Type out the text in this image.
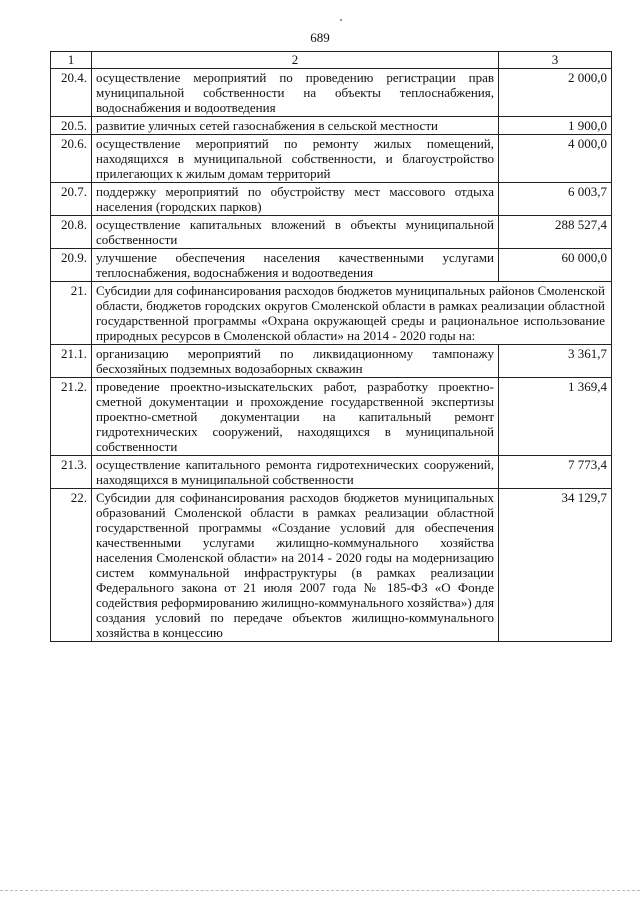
689
1	2	3
20.4.	осуществление мероприятий по проведению регистрации прав муниципальной собственности на объекты теплоснабжения, водоснабжения и водоотведения	2 000,0
20.5.	развитие уличных сетей газоснабжения в сельской местности	1 900,0
20.6.	осуществление мероприятий по ремонту жилых помещений, находящихся в муниципальной собственности, и благоустройство прилегающих к жилым домам территорий	4 000,0
20.7.	поддержку мероприятий по обустройству мест массового отдыха населения (городских парков)	6 003,7
20.8.	осуществление капитальных вложений в объекты муниципальной собственности	288 527,4
20.9.	улучшение обеспечения населения качественными услугами теплоснабжения, водоснабжения и водоотведения	60 000,0
21.	Субсидии для софинансирования расходов бюджетов муниципальных районов Смоленской области, бюджетов городских округов Смоленской области в рамках реализации областной государственной программы «Охрана окружающей среды и рациональное использование природных ресурсов в Смоленской области» на 2014 - 2020 годы на:	
21.1.	организацию мероприятий по ликвидационному тампонажу бесхозяйных подземных водозаборных скважин	3 361,7
21.2.	проведение проектно-изыскательских работ, разработку проектно-сметной документации и прохождение государственной экспертизы проектно-сметной документации на капитальный ремонт гидротехнических сооружений, находящихся в муниципальной собственности	1 369,4
21.3.	осуществление капитального ремонта гидротехнических сооружений, находящихся в муниципальной собственности	7 773,4
22.	Субсидии для софинансирования расходов бюджетов муниципальных образований Смоленской области в рамках реализации областной государственной программы «Создание условий для обеспечения качественными услугами жилищно-коммунального хозяйства населения Смоленской области» на 2014 - 2020 годы на модернизацию систем коммунальной инфраструктуры (в рамках реализации Федерального закона от 21 июля 2007 года № 185-ФЗ «О Фонде содействия реформированию жилищно-коммунального хозяйства») для создания условий по передаче объектов жилищно-коммунального хозяйства в концессию	34 129,7
